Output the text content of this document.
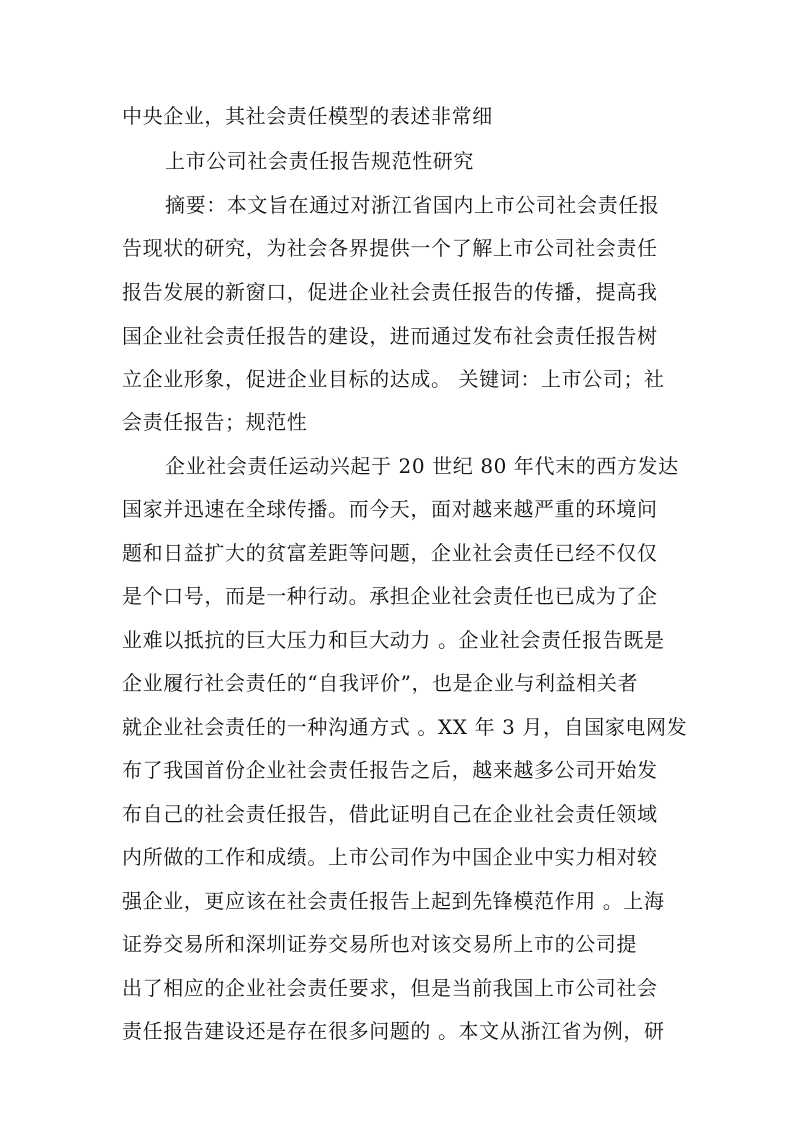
中央企业，其社会责任模型的表述非常细
上市公司社会责任报告规范性研究
摘要：本文旨在通过对浙江省国内上市公司社会责任报
告现状的研究，为社会各界提供一个了解上市公司社会责任
报告发展的新窗口，促进企业社会责任报告的传播，提高我
国企业社会责任报告的建设，进而通过发布社会责任报告树
立企业形象，促进企业目标的达成。 关键词：上市公司；社
会责任报告；规范性
企业社会责任运动兴起于 20 世纪 80 年代末的西方发达
国家并迅速在全球传播。而今天，面对越来越严重的环境问
题和日益扩大的贫富差距等问题，企业社会责任已经不仅仅
是个口号，而是一种行动。承担企业社会责任也已成为了企
业难以抵抗的巨大压力和巨大动力 。企业社会责任报告既是
企业履行社会责任的“自我评价”，也是企业与利益相关者
就企业社会责任的一种沟通方式 。XX 年 3 月，自国家电网发
布了我国首份企业社会责任报告之后，越来越多公司开始发
布自己的社会责任报告，借此证明自己在企业社会责任领域
内所做的工作和成绩。上市公司作为中国企业中实力相对较
强企业，更应该在社会责任报告上起到先锋模范作用 。上海
证券交易所和深圳证券交易所也对该交易所上市的公司提
出了相应的企业社会责任要求，但是当前我国上市公司社会
责任报告建设还是存在很多问题的 。本文从浙江省为例，研
